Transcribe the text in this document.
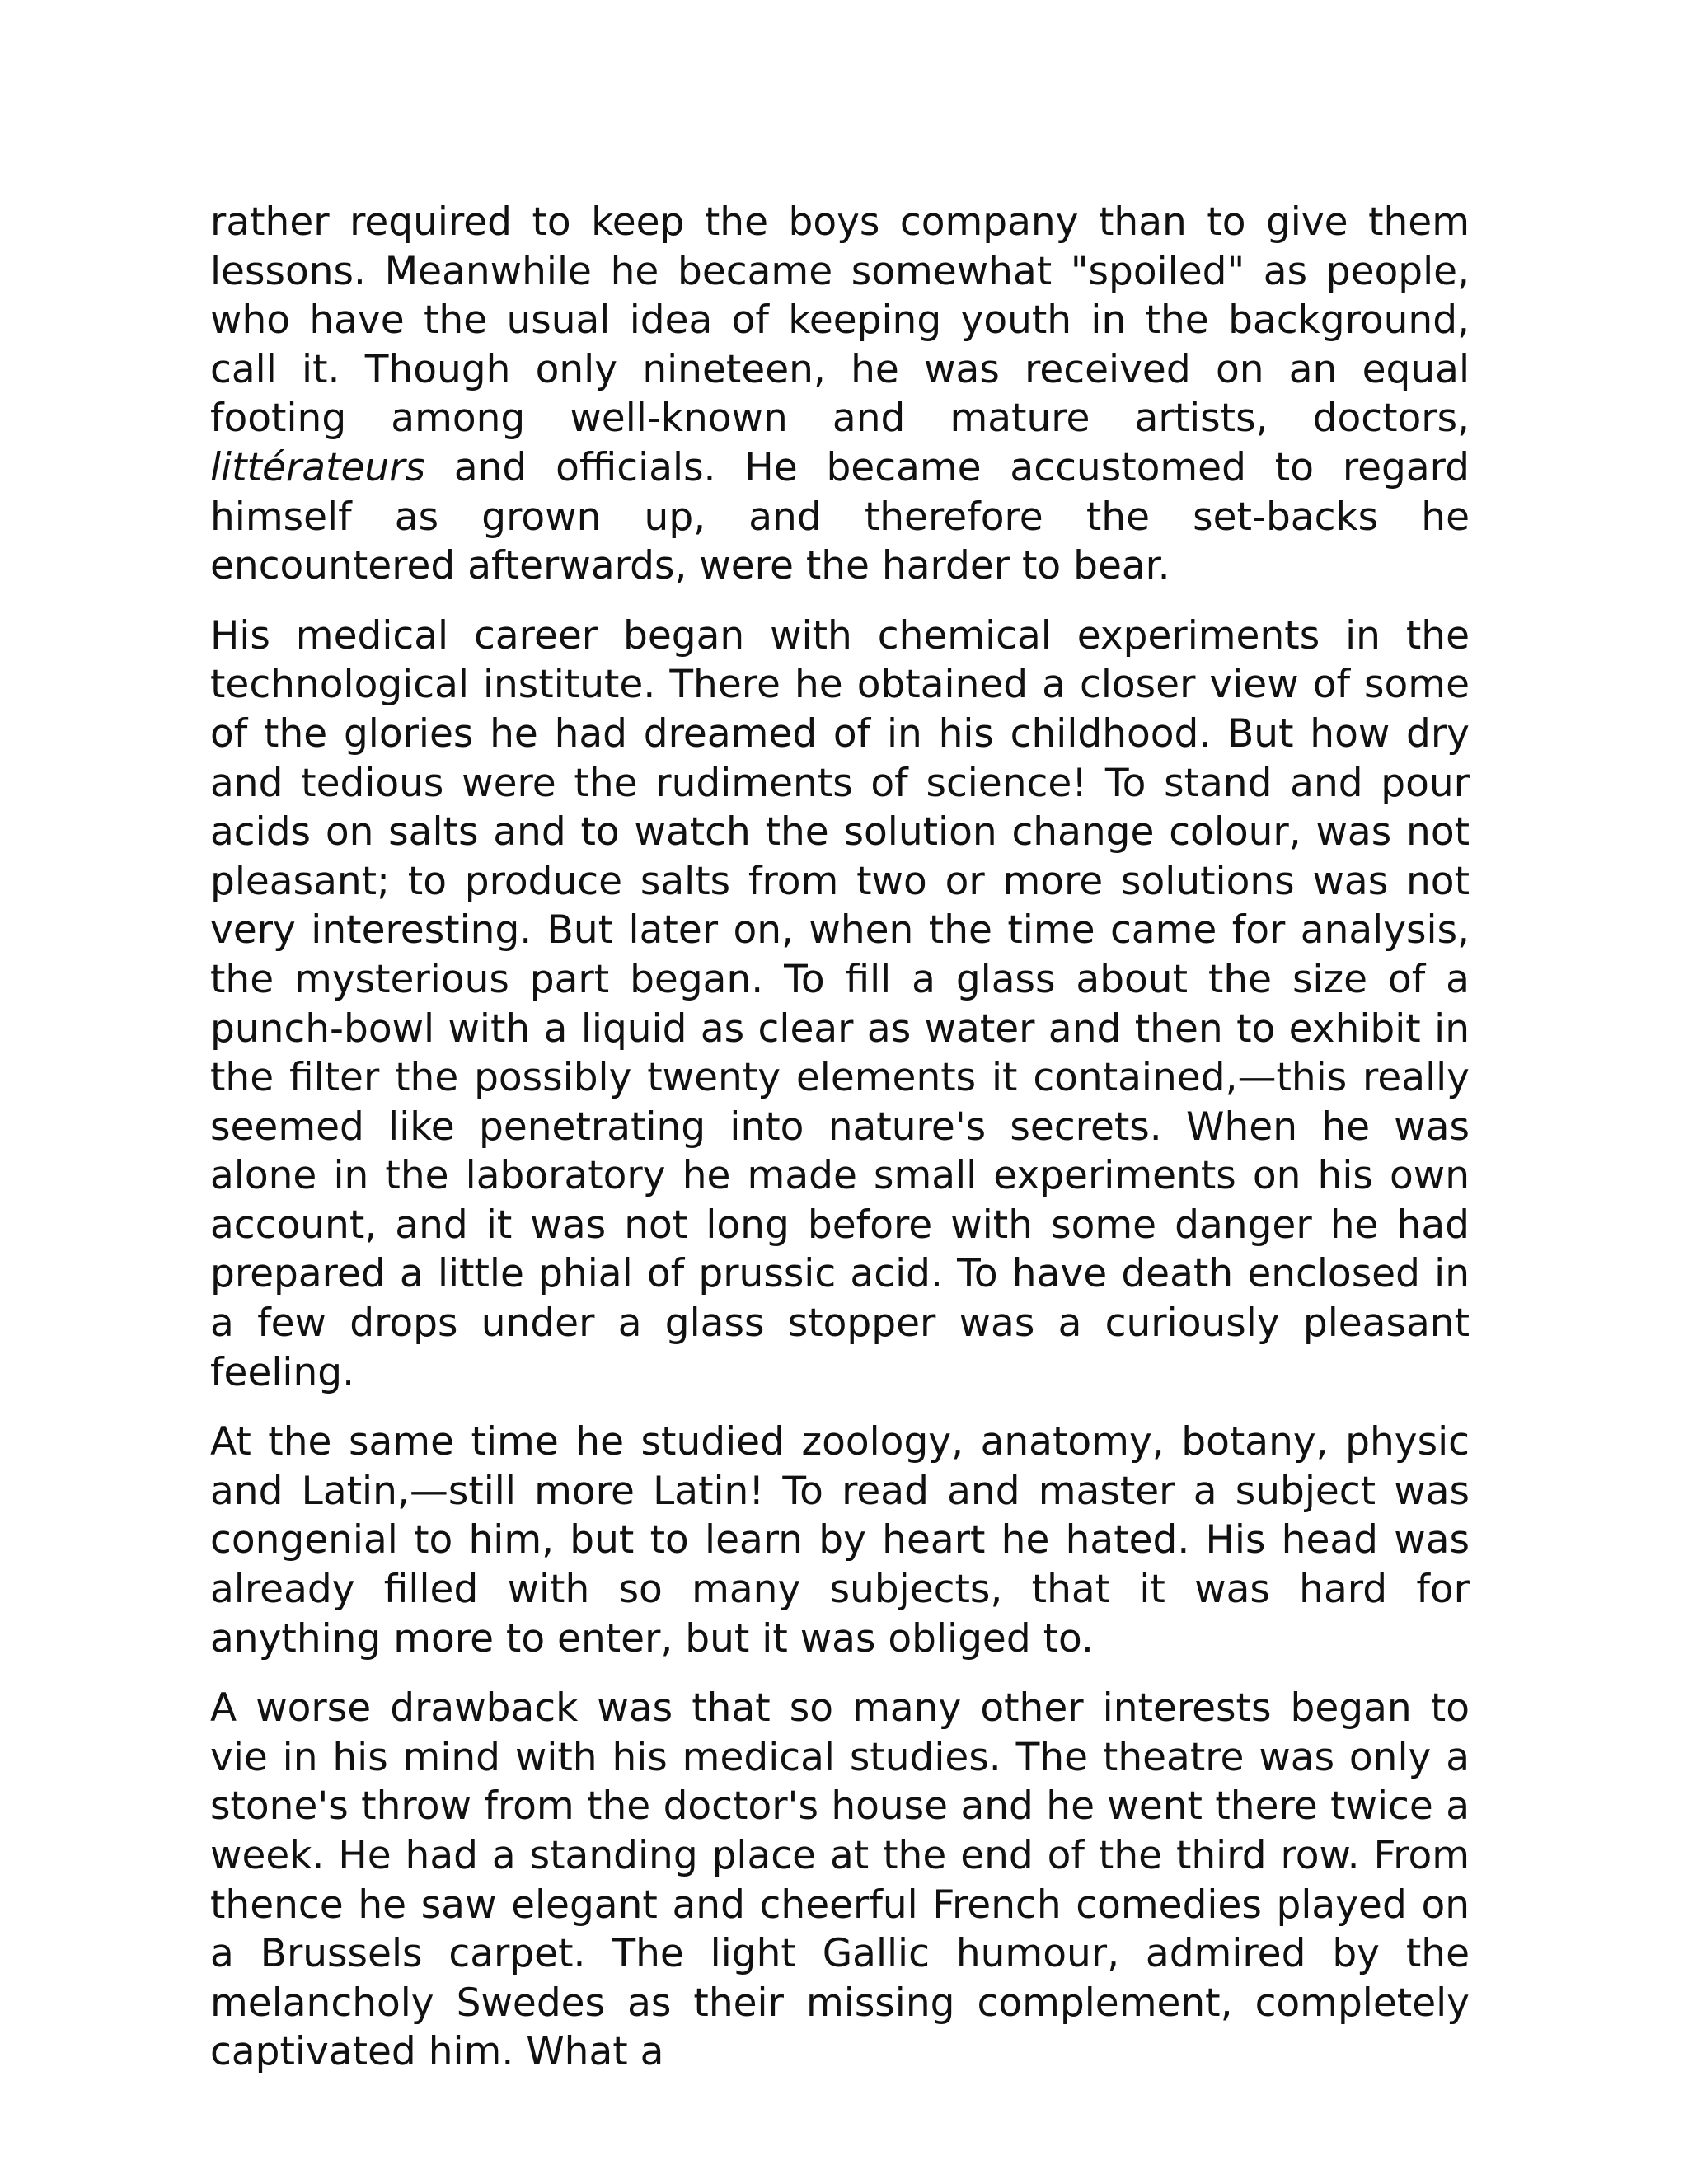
rather required to keep the boys company than to give them lessons. Meanwhile he became somewhat "spoiled" as people, who have the usual idea of keeping youth in the background, call it. Though only nineteen, he was received on an equal footing among well-known and mature artists, doctors, littérateurs and officials. He became accustomed to regard himself as grown up, and therefore the set-backs he encountered afterwards, were the harder to bear.

His medical career began with chemical experiments in the technological institute. There he obtained a closer view of some of the glories he had dreamed of in his childhood. But how dry and tedious were the rudiments of science! To stand and pour acids on salts and to watch the solution change colour, was not pleasant; to produce salts from two or more solutions was not very interesting. But later on, when the time came for analysis, the mysterious part began. To fill a glass about the size of a punch-bowl with a liquid as clear as water and then to exhibit in the filter the possibly twenty elements it contained,—this really seemed like penetrating into nature's secrets. When he was alone in the laboratory he made small experiments on his own account, and it was not long before with some danger he had prepared a little phial of prussic acid. To have death enclosed in a few drops under a glass stopper was a curiously pleasant feeling.

At the same time he studied zoology, anatomy, botany, physic and Latin,—still more Latin! To read and master a subject was congenial to him, but to learn by heart he hated. His head was already filled with so many subjects, that it was hard for anything more to enter, but it was obliged to.

A worse drawback was that so many other interests began to vie in his mind with his medical studies. The theatre was only a stone's throw from the doctor's house and he went there twice a week. He had a standing place at the end of the third row. From thence he saw elegant and cheerful French comedies played on a Brussels carpet. The light Gallic humour, admired by the melancholy Swedes as their missing complement, completely captivated him. What a
